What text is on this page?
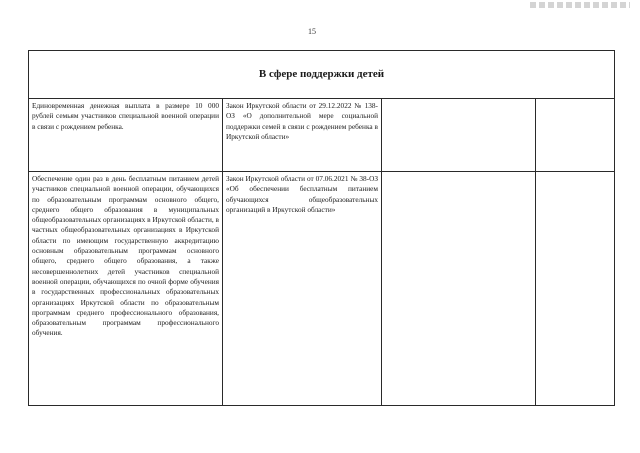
15
В сфере поддержки детей			
Единовременная денежная выплата в размере 10 000 рублей семьям участников специальной военной операции в связи с рождением ребенка.	Закон Иркутской области от 29.12.2022 № 138-ОЗ «О дополнительной мере социальной поддержки семей в связи с рождением ребенка в Иркутской области»		
Обеспечение один раз в день бесплатным питанием детей участников специальной военной операции, обучающихся по образовательным программам основного общего, среднего общего образования в муниципальных общеобразовательных организациях в Иркутской области, в частных общеобразовательных организациях в Иркутской области по имеющим государственную аккредитацию основным образовательным программам основного общего, среднего общего образования, а также несовершеннолетних детей участников специальной военной операции, обучающихся по очной форме обучения в государственных профессиональных образовательных организациях Иркутской области по образовательным программам среднего профессионального образования, образовательным программам профессионального обучения.	Закон Иркутской области от 07.06.2021 № 38-ОЗ «Об обеспечении бесплатным питанием обучающихся общеобразовательных организаций в Иркутской области»		
